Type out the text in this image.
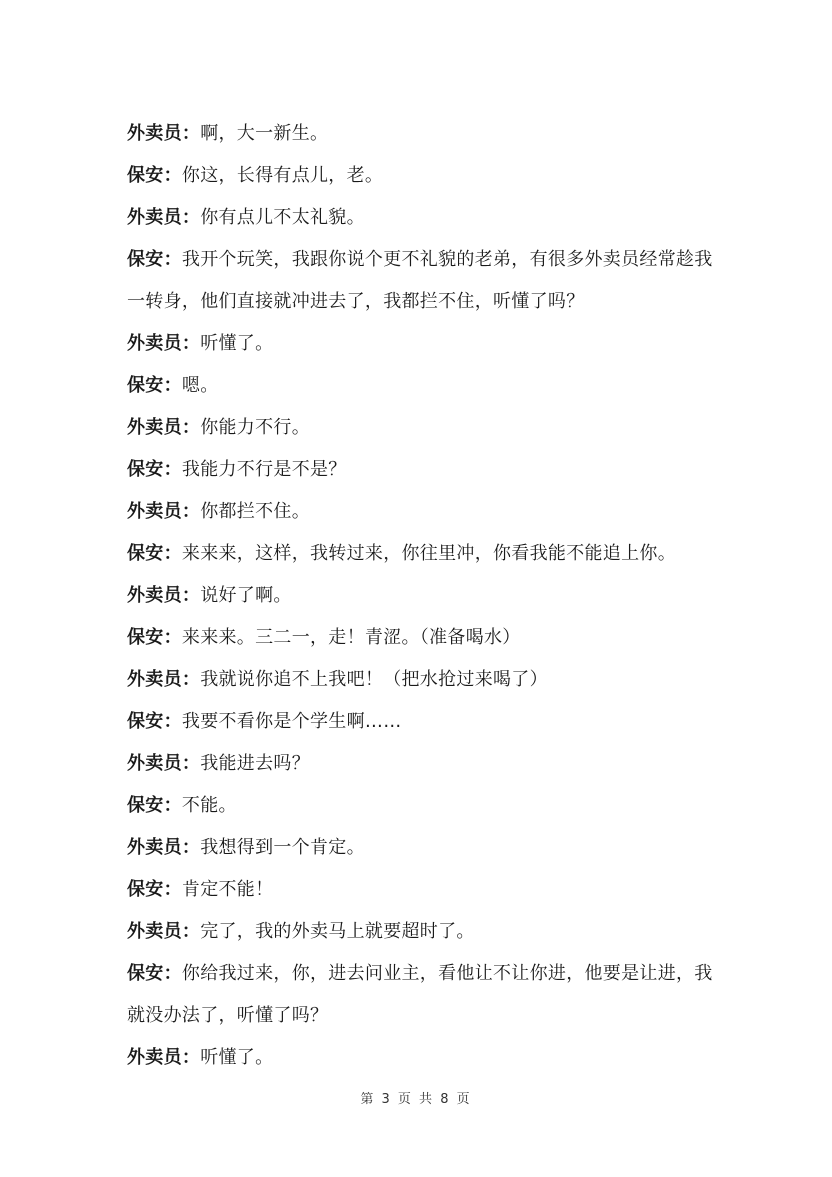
外卖员：啊，大一新生。
保安：你这，长得有点儿，老。
外卖员：你有点儿不太礼貌。
保安：我开个玩笑，我跟你说个更不礼貌的老弟，有很多外卖员经常趁我一转身，他们直接就冲进去了，我都拦不住，听懂了吗？
外卖员：听懂了。
保安：嗯。
外卖员：你能力不行。
保安：我能力不行是不是？
外卖员：你都拦不住。
保安：来来来，这样，我转过来，你往里冲，你看我能不能追上你。
外卖员：说好了啊。
保安：来来来。三二一，走！青涩。（准备喝水）
外卖员：我就说你追不上我吧！（把水抢过来喝了）
保安：我要不看你是个学生啊……
外卖员：我能进去吗？
保安：不能。
外卖员：我想得到一个肯定。
保安：肯定不能！
外卖员：完了，我的外卖马上就要超时了。
保安：你给我过来，你，进去问业主，看他让不让你进，他要是让进，我就没办法了，听懂了吗？
外卖员：听懂了。
第 3 页 共 8 页
